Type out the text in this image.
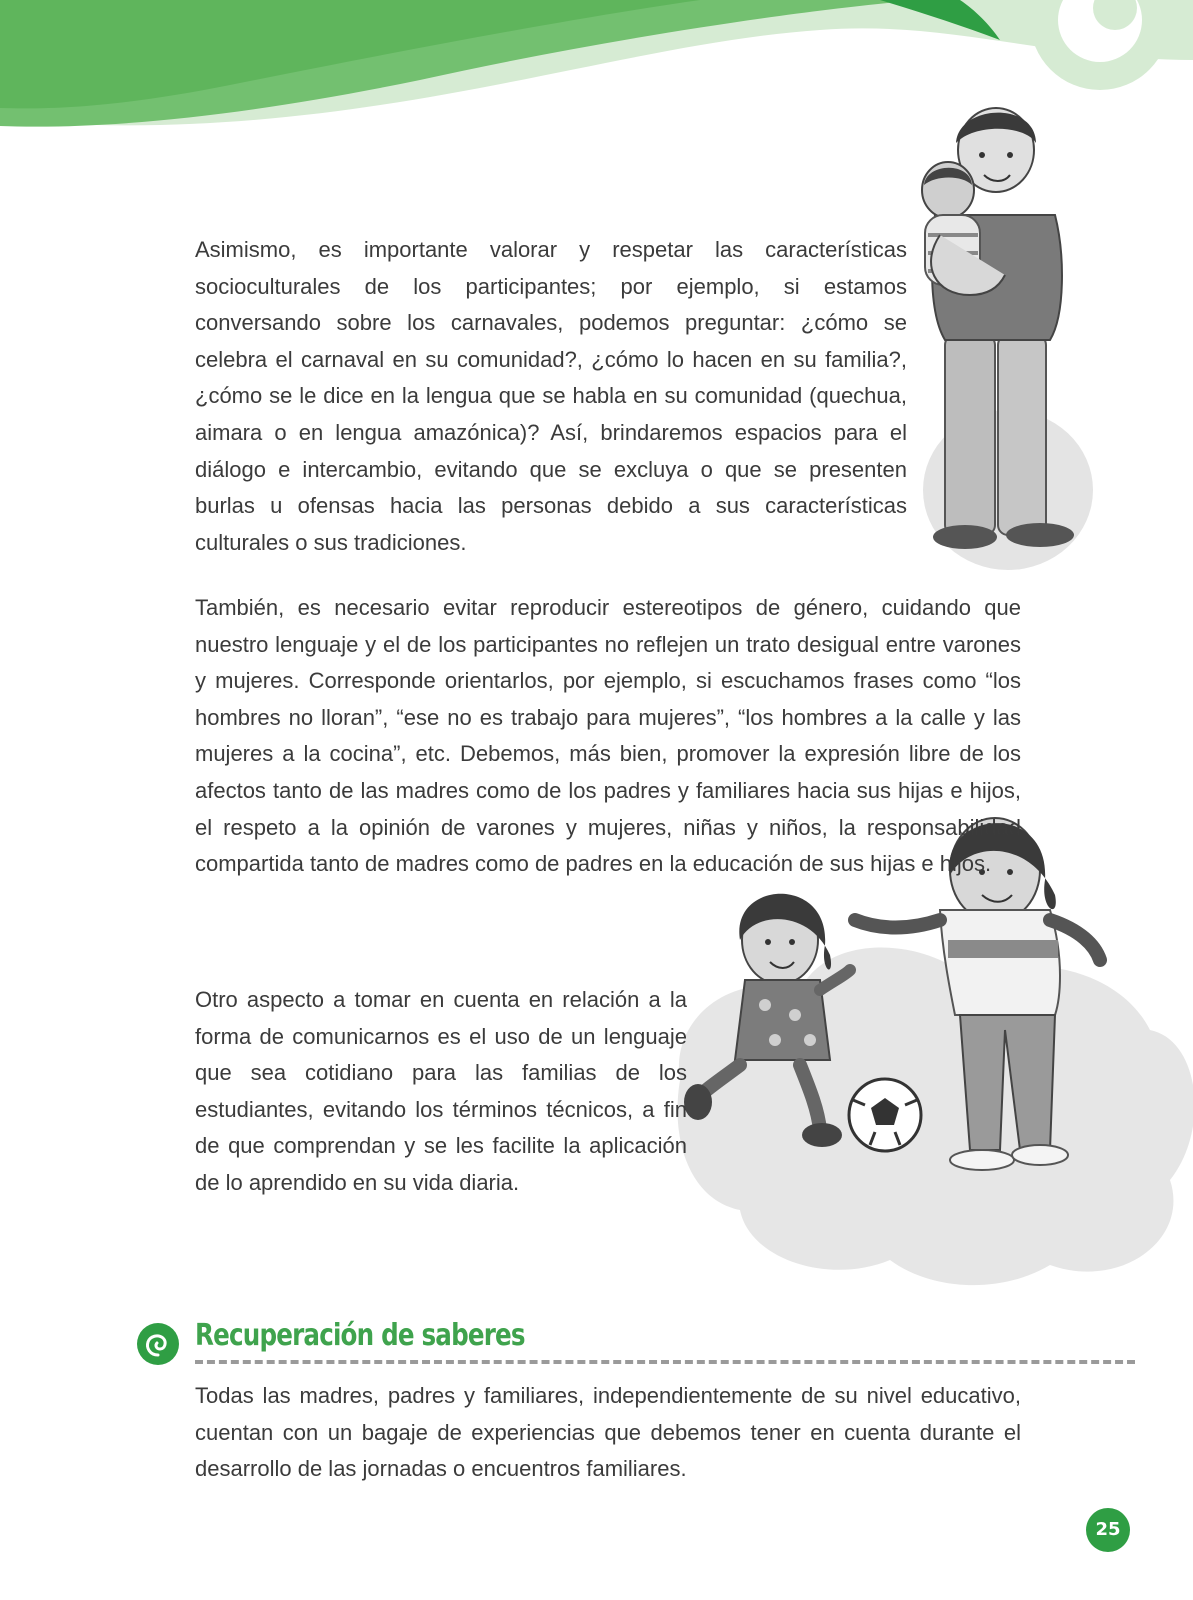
Asimismo, es importante valorar y respetar las características socioculturales de los participantes; por ejemplo, si estamos conversando sobre los carnavales, podemos preguntar: ¿cómo se celebra el carnaval en su comunidad?, ¿cómo lo hacen en su familia?, ¿cómo se le dice en la lengua que se habla en su comunidad (quechua, aimara o en lengua amazónica)? Así, brindaremos espacios para el diálogo e intercambio, evitando que se excluya o que se presenten burlas u ofensas hacia las personas debido a sus características culturales o sus tradiciones.

También, es necesario evitar reproducir estereotipos de género, cuidando que nuestro lenguaje y el de los participantes no reflejen un trato desigual entre varones y mujeres. Corresponde orientarlos, por ejemplo, si escuchamos frases como “los hombres no lloran”, “ese no es trabajo para mujeres”, “los hombres a la calle y las mujeres a la cocina”, etc. Debemos, más bien, promover la expresión libre de los afectos tanto de las madres como de los padres y familiares hacia sus hijas e hijos, el respeto a la opinión de varones y mujeres, niñas y niños, la responsabilidad compartida tanto de madres como de padres en la educación de sus hijas e hijos.

Otro aspecto a tomar en cuenta en relación a la forma de comunicarnos es el uso de un lenguaje que sea cotidiano para las familias de los estudiantes, evitando los términos técnicos, a fin de que comprendan y se les facilite la aplicación de lo aprendido en su vida diaria.

Recuperación de saberes

Todas las madres, padres y familiares, independientemente de su nivel educativo, cuentan con un bagaje de experiencias que debemos tener en cuenta durante el desarrollo de las jornadas o encuentros familiares.

25
